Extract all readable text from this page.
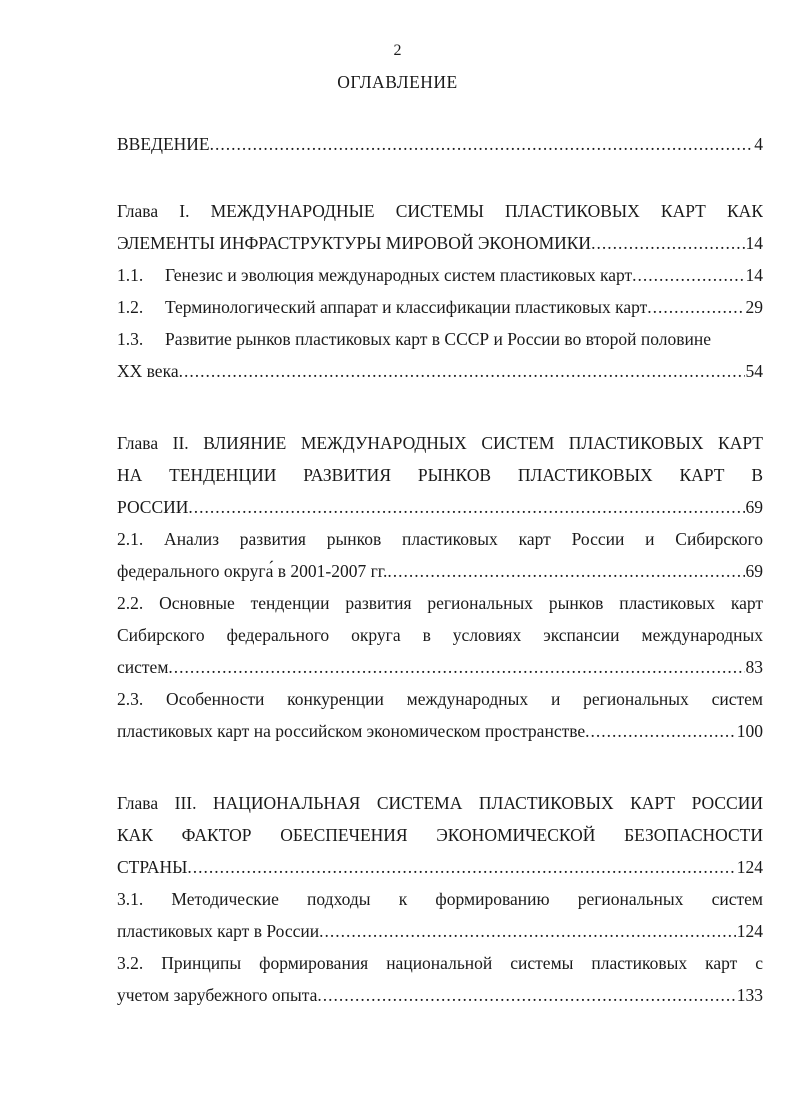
2
ОГЛАВЛЕНИЕ
ВВЕДЕНИЕ .....	4
Глава I. МЕЖДУНАРОДНЫЕ СИСТЕМЫ ПЛАСТИКОВЫХ КАРТ КАК
ЭЛЕМЕНТЫ ИНФРАСТРУКТУРЫ МИРОВОЙ ЭКОНОМИКИ .....	14
1.1. Генезис и эволюция международных систем пластиковых карт .....	14
1.2. Терминологический аппарат и классификации пластиковых карт .....	29
1.3. Развитие рынков пластиковых карт в СССР и России во второй половине
XX века .....	54
Глава II. ВЛИЯНИЕ МЕЖДУНАРОДНЫХ СИСТЕМ ПЛАСТИКОВЫХ КАРТ
НА ТЕНДЕНЦИИ РАЗВИТИЯ РЫНКОВ ПЛАСТИКОВЫХ КАРТ В
РОССИИ .....	69
2.1. Анализ развития рынков пластиковых карт России и Сибирского
федерального округа́ в 2001-2007 гг. .....	69
2.2. Основные тенденции развития региональных рынков пластиковых карт
Сибирского федерального округа в условиях экспансии международных
систем .....	83
2.3. Особенности конкуренции международных и региональных систем
пластиковых карт на российском экономическом пространстве .....	100
Глава III. НАЦИОНАЛЬНАЯ СИСТЕМА ПЛАСТИКОВЫХ КАРТ РОССИИ
КАК ФАКТОР ОБЕСПЕЧЕНИЯ ЭКОНОМИЧЕСКОЙ БЕЗОПАСНОСТИ
СТРАНЫ .....	124
3.1. Методические подходы к формированию региональных систем
пластиковых карт в России .....	124
3.2. Принципы формирования национальной системы пластиковых карт с
учетом зарубежного опыта .....	133
